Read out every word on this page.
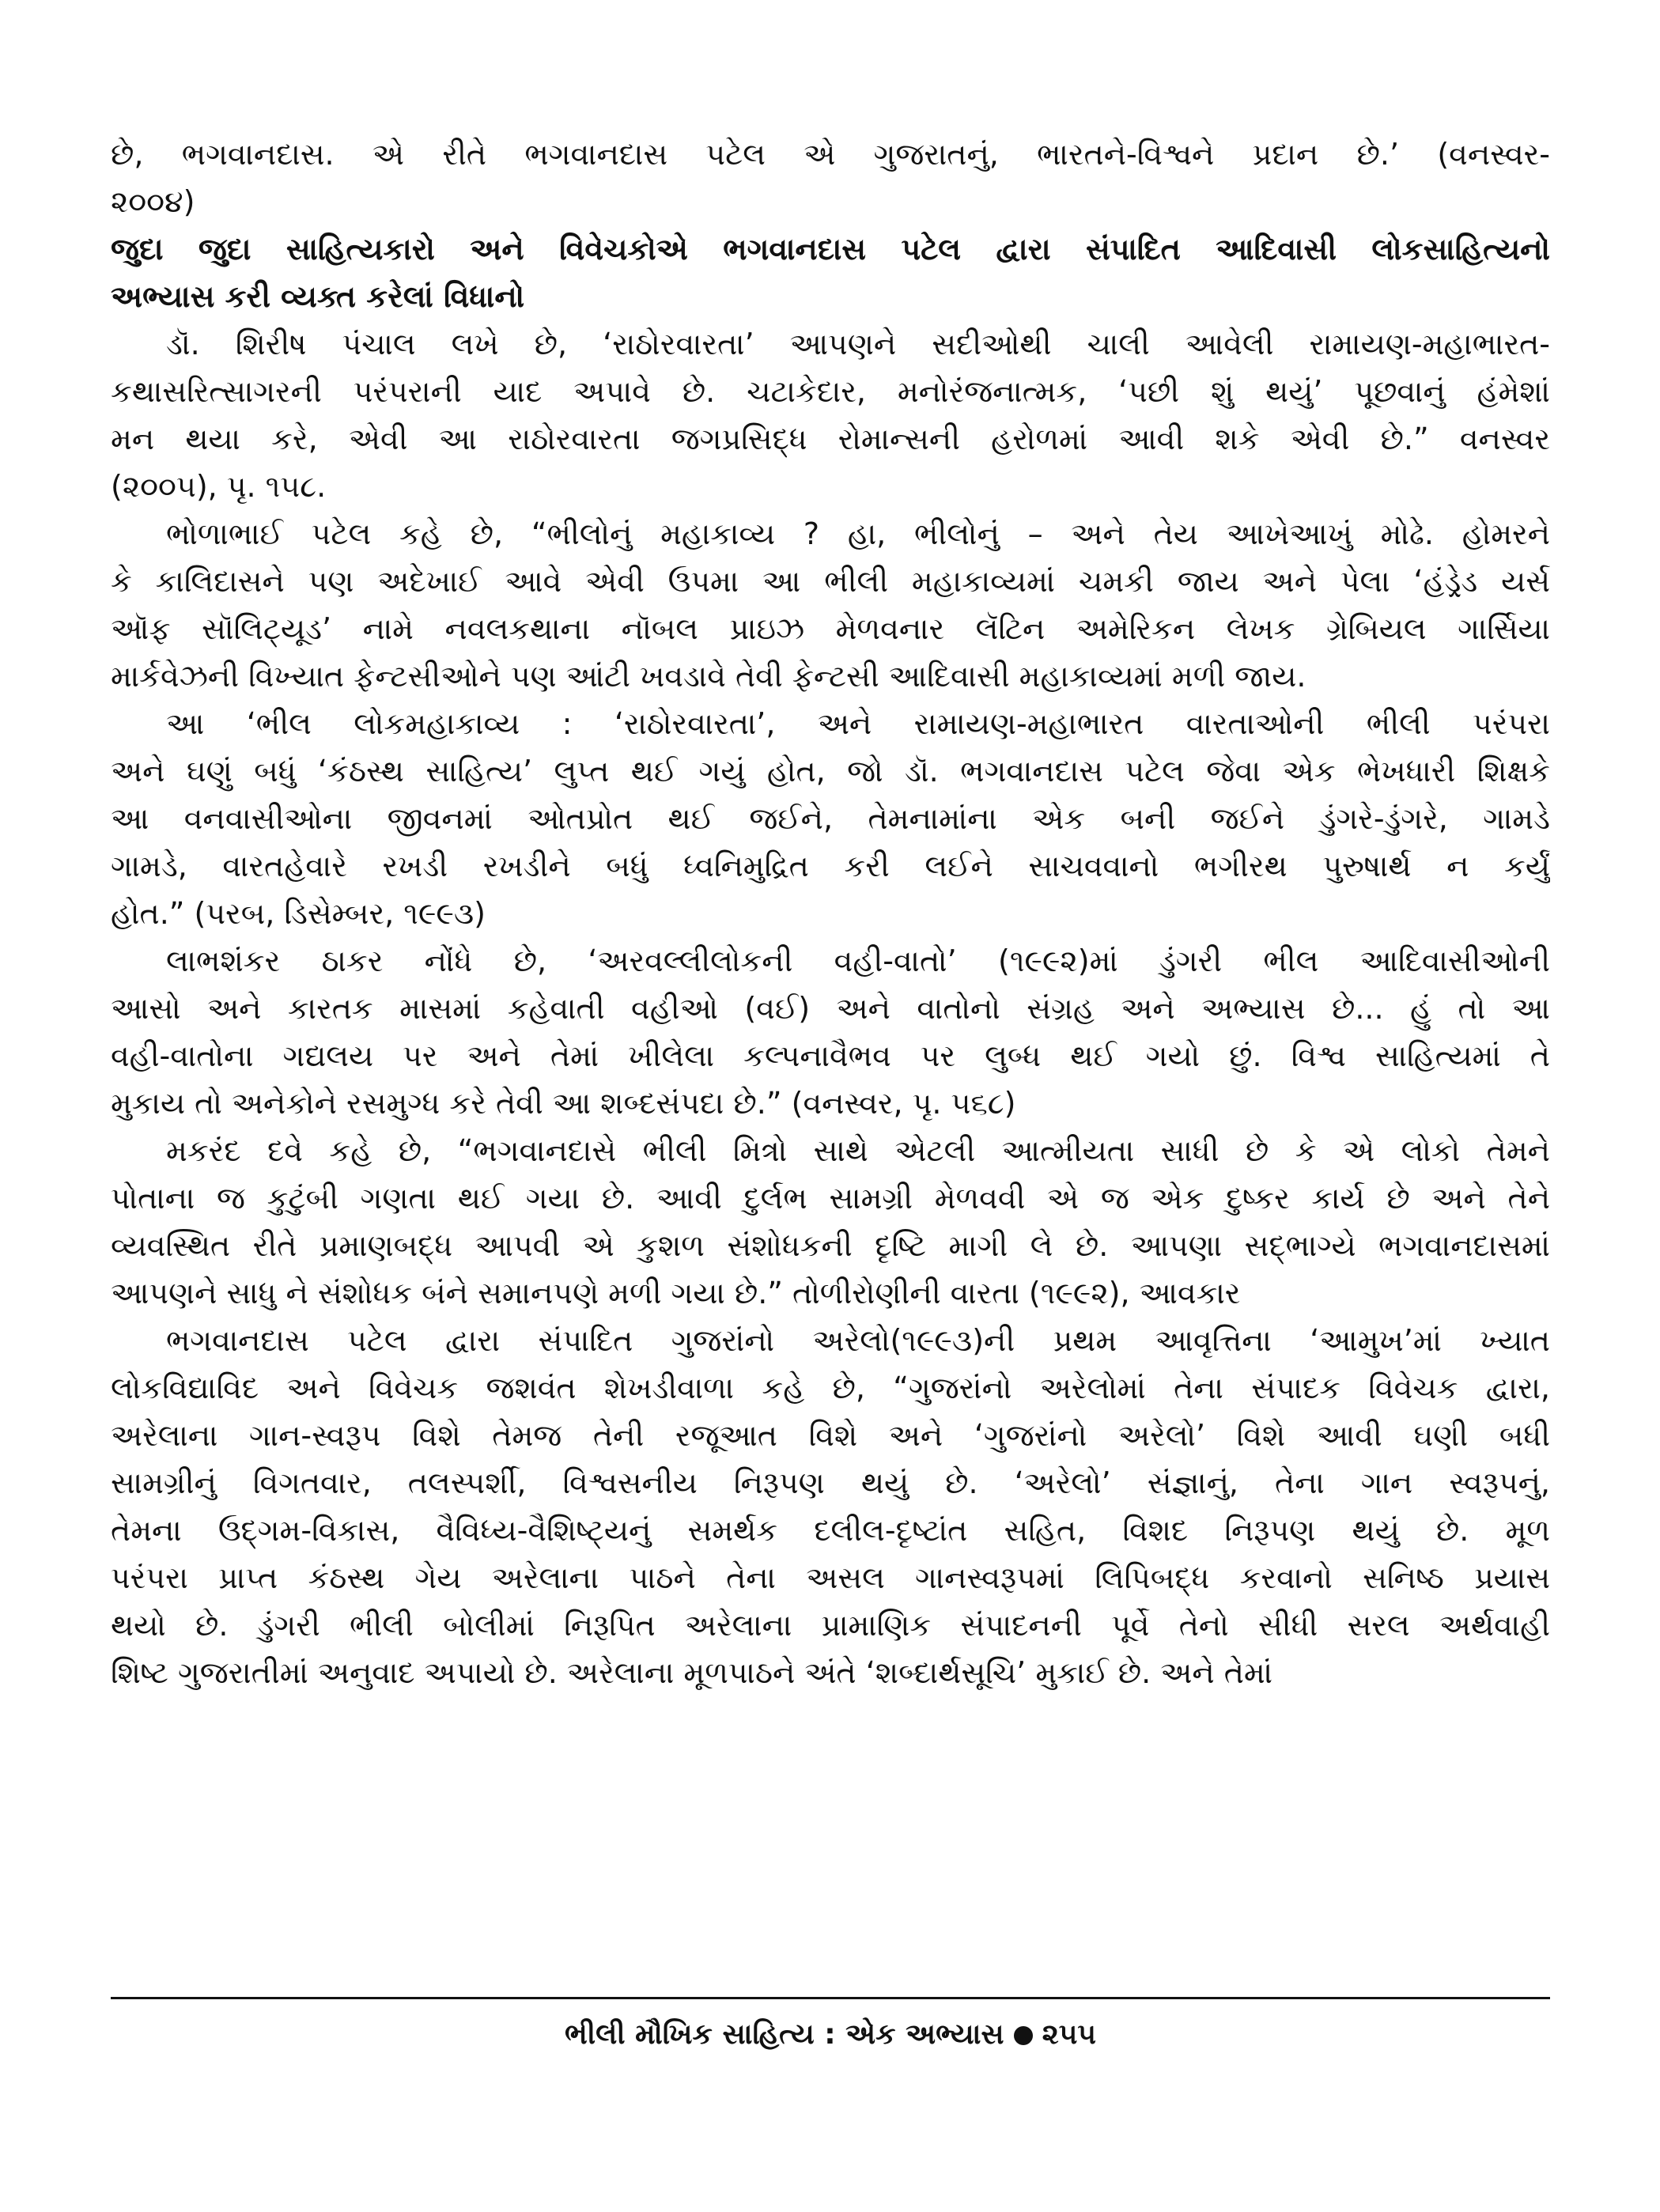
છે, ભગવાનદાસ. એ રીતે ભગવાનદાસ પટેલ એ ગુજરાતનું, ભારતને-વિશ્વને પ્રદાન છે.’ (વનસ્વર-
૨૦૦૪)
જુદા જુદા સાહિત્યકારો અને વિવેચકોએ ભગવાનદાસ પટેલ દ્વારા સંપાદિત આદિવાસી લોકસાહિત્યનો
અભ્યાસ કરી વ્યક્ત કરેલાં વિધાનો
ડૉ. શિરીષ પંચાલ લખે છે, ‘રાઠોરવારતા’ આપણને સદીઓથી ચાલી આવેલી રામાયણ-મહાભારત-
કથાસરિત્સાગરની પરંપરાની યાદ અપાવે છે. ચટાકેદાર, મનોરંજનાત્મક, ‘પછી શું થયું’ પૂછવાનું હંમેશાં
મન થયા કરે, એવી આ રાઠોરવારતા જગપ્રસિદ્ધ રોમાન્સની હરોળમાં આવી શકે એવી છે.” વનસ્વર
(૨૦૦૫), પૃ. ૧૫૮.
ભોળાભાઈ પટેલ કહે છે, “ભીલોનું મહાકાવ્ય ? હા, ભીલોનું – અને તેય આખેઆખું મોઢે. હોમરને
કે કાલિદાસને પણ અદેખાઈ આવે એવી ઉપમા આ ભીલી મહાકાવ્યમાં ચમકી જાય અને પેલા ‘હંડ્રેડ યર્સ
ઑફ સૉલિટ્યૂડ’ નામે નવલકથાના નૉબલ પ્રાઇઝ મેળવનાર લૅટિન અમેરિકન લેખક ગ્રેબિયલ ગાર્સિયા
માર્કવેઝની વિખ્યાત ફેન્ટસીઓને પણ આંટી ખવડાવે તેવી ફેન્ટસી આદિવાસી મહાકાવ્યમાં મળી જાય.
આ ‘ભીલ લોકમહાકાવ્ય : ‘રાઠોરવારતા’, અને રામાયણ-મહાભારત વારતાઓની ભીલી પરંપરા
અને ઘણું બધું ‘કંઠસ્થ સાહિત્ય’ લુપ્ત થઈ ગયું હોત, જો ડૉ. ભગવાનદાસ પટેલ જેવા એક ભેખધારી શિક્ષકે
આ વનવાસીઓના જીવનમાં ઓતપ્રોત થઈ જઈને, તેમનામાંના એક બની જઈને ડુંગરે-ડુંગરે, ગામડે
ગામડે, વારતહેવારે રખડી રખડીને બધું ધ્વનિમુદ્રિત કરી લઈને સાચવવાનો ભગીરથ પુરુષાર્થ ન કર્યું
હોત.” (પરબ, ડિસેમ્બર, ૧૯૯૩)
લાભશંકર ઠાકર નોંધે છે, ‘અરવલ્લીલોકની વહી-વાતો’ (૧૯૯૨)માં ડુંગરી ભીલ આદિવાસીઓની
આસો અને કારતક માસમાં કહેવાતી વહીઓ (વઈ) અને વાતોનો સંગ્રહ અને અભ્યાસ છે... હું તો આ
વહી-વાતોના ગદ્યલય પર અને તેમાં ખીલેલા કલ્પનાવૈભવ પર લુબ્ધ થઈ ગયો છું. વિશ્વ સાહિત્યમાં તે
મુકાય તો અનેકોને રસમુગ્ધ કરે તેવી આ શબ્દસંપદા છે.” (વનસ્વર, પૃ. ૫૬૮)
મકરંદ દવે કહે છે, “ભગવાનદાસે ભીલી મિત્રો સાથે એટલી આત્મીયતા સાધી છે કે એ લોકો તેમને
પોતાના જ કુટુંબી ગણતા થઈ ગયા છે. આવી દુર્લભ સામગ્રી મેળવવી એ જ એક દુષ્કર કાર્ય છે અને તેને
વ્યવસ્થિત રીતે પ્રમાણબદ્ધ આપવી એ કુશળ સંશોધકની દૃષ્ટિ માગી લે છે. આપણા સદ્ભાગ્યે ભગવાનદાસમાં
આપણને સાધુ ને સંશોધક બંને સમાનપણે મળી ગયા છે.” તોળીરોણીની વારતા (૧૯૯૨), આવકાર
ભગવાનદાસ પટેલ દ્વારા સંપાદિત ગુજરાંનો અરેલો(૧૯૯૩)ની પ્રથમ આવૃત્તિના ‘આમુખ’માં ખ્યાત
લોકવિદ્યાવિદ અને વિવેચક જશવંત શેખડીવાળા કહે છે, “ગુજરાંનો અરેલોમાં તેના સંપાદક વિવેચક દ્વારા,
અરેલાના ગાન-સ્વરૂપ વિશે તેમજ તેની રજૂઆત વિશે અને ‘ગુજરાંનો અરેલો’ વિશે આવી ઘણી બધી
સામગ્રીનું વિગતવાર, તલસ્પર્શી, વિશ્વસનીય નિરૂપણ થયું છે. ‘અરેલો’ સંજ્ઞાનું, તેના ગાન સ્વરૂપનું,
તેમના ઉદ્ગમ-વિકાસ, વૈવિધ્ય-વૈશિષ્ટ્યનું સમર્થક દલીલ-દૃષ્ટાંત સહિત, વિશદ નિરૂપણ થયું છે. મૂળ
પરંપરા પ્રાપ્ત કંઠસ્થ ગેય અરેલાના પાઠને તેના અસલ ગાનસ્વરૂપમાં લિપિબદ્ધ કરવાનો સનિષ્ઠ પ્રયાસ
થયો છે. ડુંગરી ભીલી બોલીમાં નિરૂપિત અરેલાના પ્રામાણિક સંપાદનની પૂર્વે તેનો સીધી સરલ અર્થવાહી
શિષ્ટ ગુજરાતીમાં અનુવાદ અપાયો છે. અરેલાના મૂળપાઠને અંતે ‘શબ્દાર્થસૂચિ’ મુકાઈ છે. અને તેમાં
ભીલી મૌખિક સાહિત્ય : એક અભ્યાસ ૨૫૫
